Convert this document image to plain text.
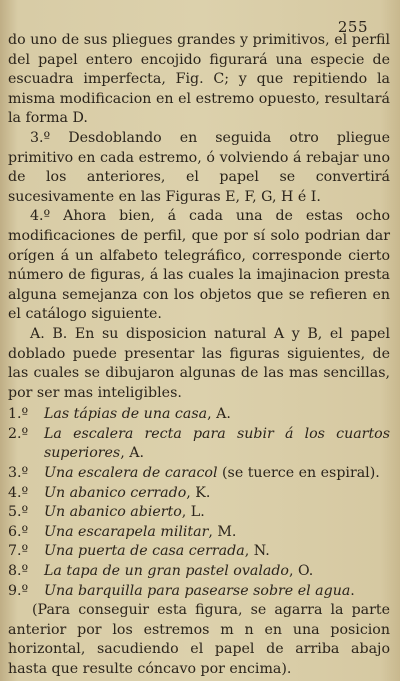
255

do uno de sus pliegues grandes y primitivos, el perfil del papel entero encojido figurará una especie de escuadra imperfecta, Fig. C; y que repitiendo la misma modificacion en el estremo opuesto, resultará la forma D.

3.º Desdoblando en seguida otro pliegue primitivo en cada estremo, ó volviendo á rebajar uno de los anteriores, el papel se convertirá sucesivamente en las Figuras E, F, G, H é I.

4.º Ahora bien, á cada una de estas ocho modificaciones de perfil, que por sí solo podrian dar orígen á un alfabeto telegráfico, corresponde cierto número de figuras, á las cuales la imajinacion presta alguna semejanza con los objetos que se refieren en el catálogo siguiente.

A. B. En su disposicion natural A y B, el papel doblado puede presentar las figuras siguientes, de las cuales se dibujaron algunas de las mas sencillas, por ser mas inteligibles.

1.º	Las tápias de una casa, A.
2.º	La escalera recta para subir á los cuartos superiores, A.
3.º	Una escalera de caracol (se tuerce en espiral).
4.º	Un abanico cerrado, K.
5.º	Un abanico abierto, L.
6.º	Una escarapela militar, M.
7.º	Una puerta de casa cerrada, N.
8.º	La tapa de un gran pastel ovalado, O.
9.º	Una barquilla para pasearse sobre el agua.

(Para conseguir esta figura, se agarra la parte anterior por los estremos m n en una posicion horizontal, sacudiendo el papel de arriba abajo hasta que resulte cóncavo por encima).
